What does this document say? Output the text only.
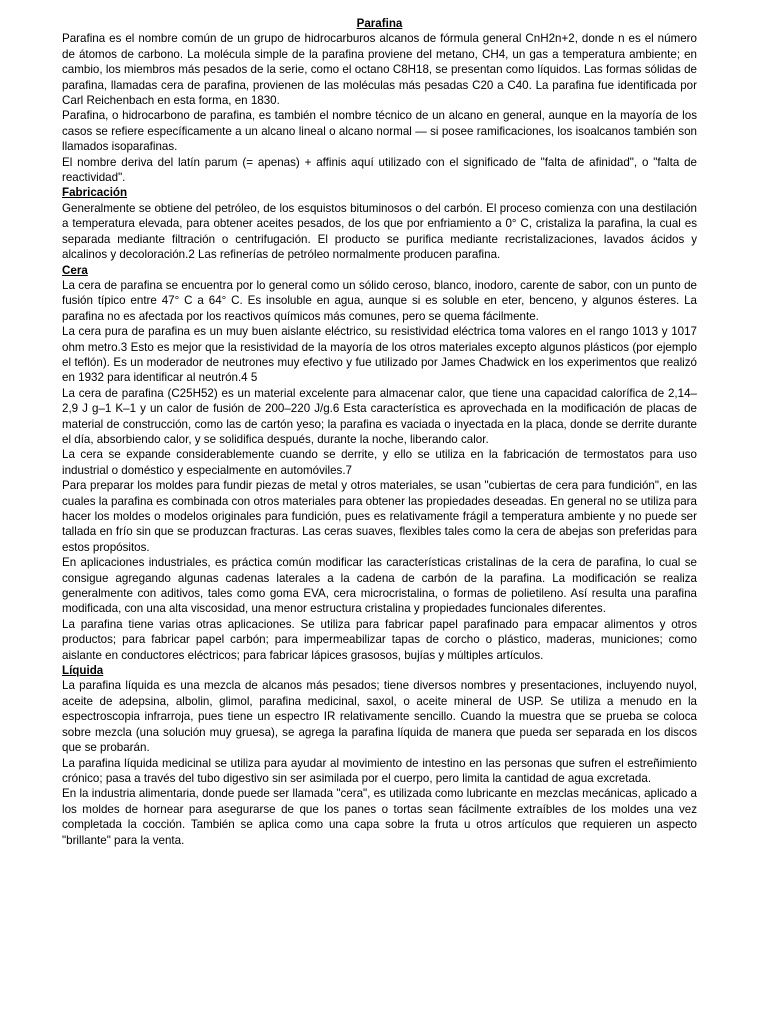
Parafina

Parafina es el nombre común de un grupo de hidrocarburos alcanos de fórmula general CnH2n+2, donde n es el número de átomos de carbono. La molécula simple de la parafina proviene del metano, CH4, un gas a temperatura ambiente; en cambio, los miembros más pesados de la serie, como el octano C8H18, se presentan como líquidos. Las formas sólidas de parafina, llamadas cera de parafina, provienen de las moléculas más pesadas C20 a C40. La parafina fue identificada por Carl Reichenbach en esta forma, en 1830.

Parafina, o hidrocarbono de parafina, es también el nombre técnico de un alcano en general, aunque en la mayoría de los casos se refiere específicamente a un alcano lineal o alcano normal — si posee ramificaciones, los isoalcanos también son llamados isoparafinas.

El nombre deriva del latín parum (= apenas) + affinis aquí utilizado con el significado de "falta de afinidad", o "falta de reactividad".

Fabricación

Generalmente se obtiene del petróleo, de los esquistos bituminosos o del carbón. El proceso comienza con una destilación a temperatura elevada, para obtener aceites pesados, de los que por enfriamiento a 0° C, cristaliza la parafina, la cual es separada mediante filtración o centrifugación. El producto se purifica mediante recristalizaciones, lavados ácidos y alcalinos y decoloración.2 Las refinerías de petróleo normalmente producen parafina.

Cera

La cera de parafina se encuentra por lo general como un sólido ceroso, blanco, inodoro, carente de sabor, con un punto de fusión típico entre 47° C a 64° C. Es insoluble en agua, aunque si es soluble en eter, benceno, y algunos ésteres. La parafina no es afectada por los reactivos químicos más comunes, pero se quema fácilmente.

La cera pura de parafina es un muy buen aislante eléctrico, su resistividad eléctrica toma valores en el rango 1013 y 1017 ohm metro.3 Esto es mejor que la resistividad de la mayoría de los otros materiales excepto algunos plásticos (por ejemplo el teflón). Es un moderador de neutrones muy efectivo y fue utilizado por James Chadwick en los experimentos que realizó en 1932 para identificar al neutrón.4 5

La cera de parafina (C25H52) es un material excelente para almacenar calor, que tiene una capacidad calorífica de 2,14–2,9 J g–1 K–1 y un calor de fusión de 200–220 J/g.6 Esta característica es aprovechada en la modificación de placas de material de construcción, como las de cartón yeso; la parafina es vaciada o inyectada en la placa, donde se derrite durante el día, absorbiendo calor, y se solidifica después, durante la noche, liberando calor.

La cera se expande considerablemente cuando se derrite, y ello se utiliza en la fabricación de termostatos para uso industrial o doméstico y especialmente en automóviles.7

Para preparar los moldes para fundir piezas de metal y otros materiales, se usan "cubiertas de cera para fundición", en las cuales la parafina es combinada con otros materiales para obtener las propiedades deseadas. En general no se utiliza para hacer los moldes o modelos originales para fundición, pues es relativamente frágil a temperatura ambiente y no puede ser tallada en frío sin que se produzcan fracturas. Las ceras suaves, flexibles tales como la cera de abejas son preferidas para estos propósitos.

En aplicaciones industriales, es práctica común modificar las características cristalinas de la cera de parafina, lo cual se consigue agregando algunas cadenas laterales a la cadena de carbón de la parafina. La modificación se realiza generalmente con aditivos, tales como goma EVA, cera microcristalina, o formas de polietileno. Así resulta una parafina modificada, con una alta viscosidad, una menor estructura cristalina y propiedades funcionales diferentes.

La parafina tiene varias otras aplicaciones. Se utiliza para fabricar papel parafinado para empacar alimentos y otros productos; para fabricar papel carbón; para impermeabilizar tapas de corcho o plástico, maderas, municiones; como aislante en conductores eléctricos; para fabricar lápices grasosos, bujías y múltiples artículos.

Líquida

La parafina líquida es una mezcla de alcanos más pesados; tiene diversos nombres y presentaciones, incluyendo nuyol, aceite de adepsina, albolin, glimol, parafina medicinal, saxol, o aceite mineral de USP. Se utiliza a menudo en la espectroscopia infrarroja, pues tiene un espectro IR relativamente sencillo. Cuando la muestra que se prueba se coloca sobre mezcla (una solución muy gruesa), se agrega la parafina líquida de manera que pueda ser separada en los discos que se probarán.

La parafina líquida medicinal se utiliza para ayudar al movimiento de intestino en las personas que sufren el estreñimiento crónico; pasa a través del tubo digestivo sin ser asimilada por el cuerpo, pero limita la cantidad de agua excretada.

En la industria alimentaria, donde puede ser llamada "cera", es utilizada como lubricante en mezclas mecánicas, aplicado a los moldes de hornear para asegurarse de que los panes o tortas sean fácilmente extraíbles de los moldes una vez completada la cocción. También se aplica como una capa sobre la fruta u otros artículos que requieren un aspecto "brillante" para la venta.
